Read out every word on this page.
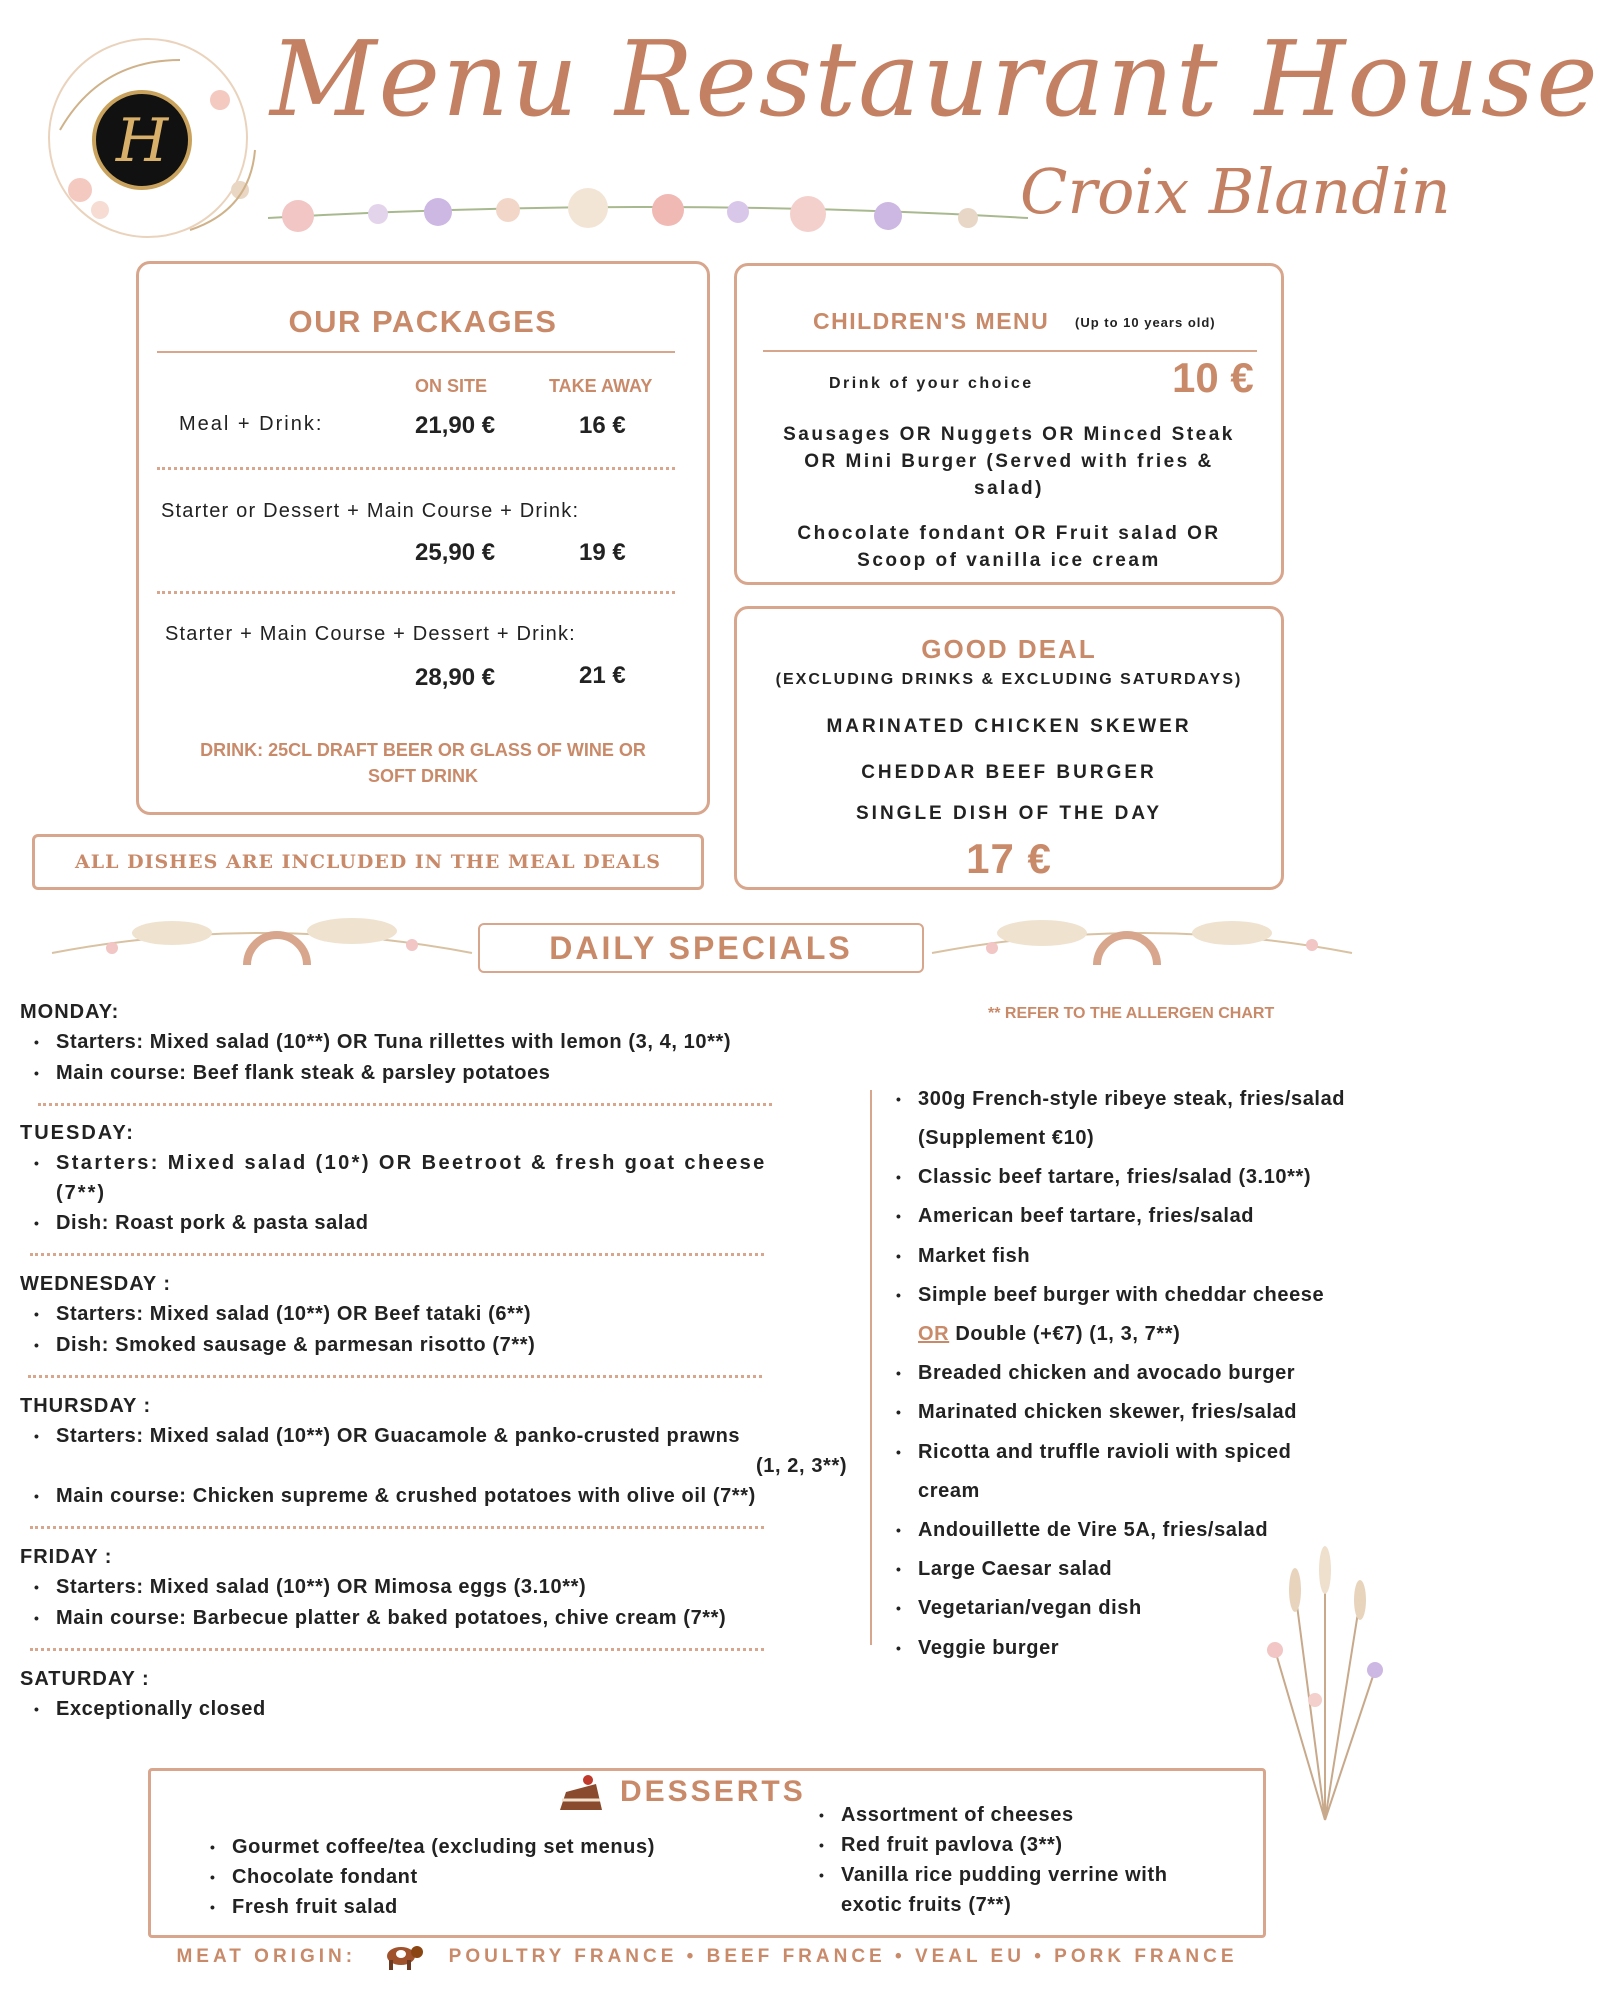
H
Menu Restaurant House
Croix Blandin
OUR PACKAGES
ON SITE	TAKE AWAY
Meal + Drink:	21,90 €	16 €
Starter or Dessert + Main Course + Drink:
25,90 €	19 €
Starter + Main Course + Dessert + Drink:
28,90 €	21 €
DRINK: 25CL DRAFT BEER OR GLASS OF WINE OR
SOFT DRINK
ALL DISHES ARE INCLUDED IN THE MEAL DEALS
CHILDREN'S MENU (Up to 10 years old)
Drink of your choice	10 €
Sausages OR Nuggets OR Minced Steak
OR Mini Burger (Served with fries &
salad)
Chocolate fondant OR Fruit salad OR
Scoop of vanilla ice cream
GOOD DEAL
(EXCLUDING DRINKS & EXCLUDING SATURDAYS)
MARINATED CHICKEN SKEWER
CHEDDAR BEEF BURGER
SINGLE DISH OF THE DAY
17 €
DAILY SPECIALS
** REFER TO THE ALLERGEN CHART
MONDAY:
• Starters: Mixed salad (10**) OR Tuna rillettes with lemon (3, 4, 10**)
• Main course: Beef flank steak & parsley potatoes
TUESDAY:
• Starters: Mixed salad (10*) OR Beetroot & fresh goat cheese
(7**)
• Dish: Roast pork & pasta salad
WEDNESDAY :
• Starters: Mixed salad (10**) OR Beef tataki (6**)
• Dish: Smoked sausage & parmesan risotto (7**)
THURSDAY :
• Starters: Mixed salad (10**) OR Guacamole & panko-crusted prawns
(1, 2, 3**)
• Main course: Chicken supreme & crushed potatoes with olive oil (7**)
FRIDAY :
• Starters: Mixed salad (10**) OR Mimosa eggs (3.10**)
• Main course: Barbecue platter & baked potatoes, chive cream (7**)
SATURDAY :
• Exceptionally closed
• 300g French-style ribeye steak, fries/salad
(Supplement €10)
• Classic beef tartare, fries/salad (3.10**)
• American beef tartare, fries/salad
• Market fish
• Simple beef burger with cheddar cheese
OR Double (+€7) (1, 3, 7**)
• Breaded chicken and avocado burger
• Marinated chicken skewer, fries/salad
• Ricotta and truffle ravioli with spiced
cream
• Andouillette de Vire 5A, fries/salad
• Large Caesar salad
• Vegetarian/vegan dish
• Veggie burger
DESSERTS
• Gourmet coffee/tea (excluding set menus)
• Chocolate fondant
• Fresh fruit salad
• Assortment of cheeses
• Red fruit pavlova (3**)
• Vanilla rice pudding verrine with
exotic fruits (7**)
MEAT ORIGIN:	POULTRY FRANCE • BEEF FRANCE • VEAL EU • PORK FRANCE
